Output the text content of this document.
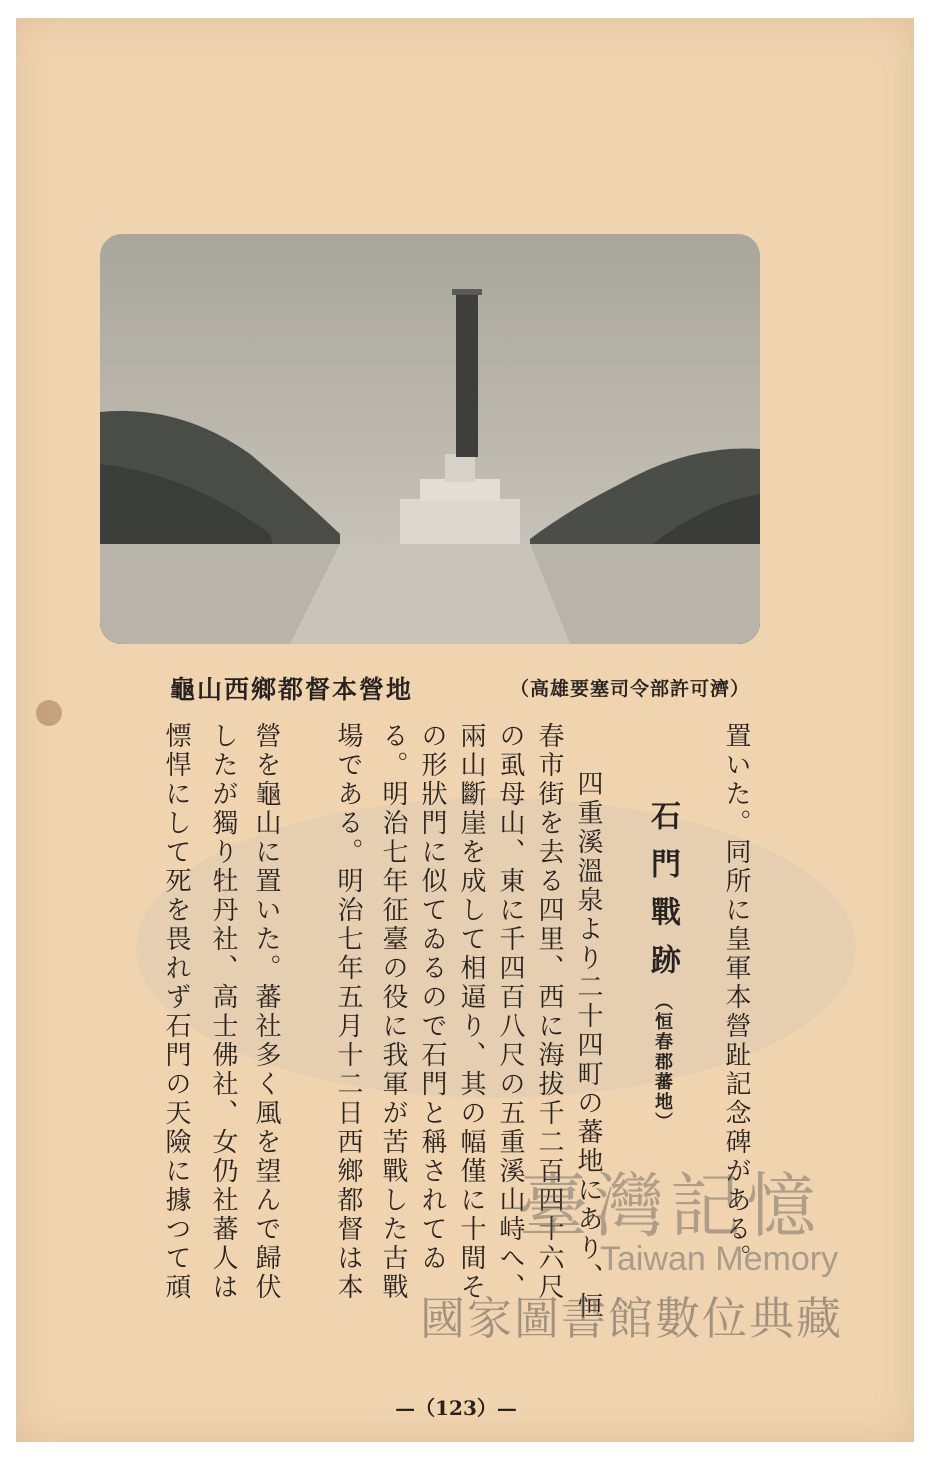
龜山西鄉都督本營地	（高雄要塞司令部許可濟）
置いた。同所に皇軍本營趾記念碑がある。
石門戰跡（恒春郡蕃地）
四重溪溫泉より二十四町の蕃地にあり、恒
春市街を去る四里、西に海拔千二百四十六尺
の虱母山、東に千四百八尺の五重溪山峙へ、
兩山斷崖を成して相逼り、其の幅僅に十間そ
の形狀門に似てゐるので石門と稱されてゐ
る。明治七年征臺の役に我軍が苦戰した古戰
場である。明治七年五月十二日西鄉都督は本
營を龜山に置いた。蕃社多く風を望んで歸伏
したが獨り牡丹社、高士佛社、女仍社蕃人は
慓悍にして死を畏れず石門の天險に據つて頑
—（123）—
臺灣記憶
Taiwan Memory
國家圖書館數位典藏
